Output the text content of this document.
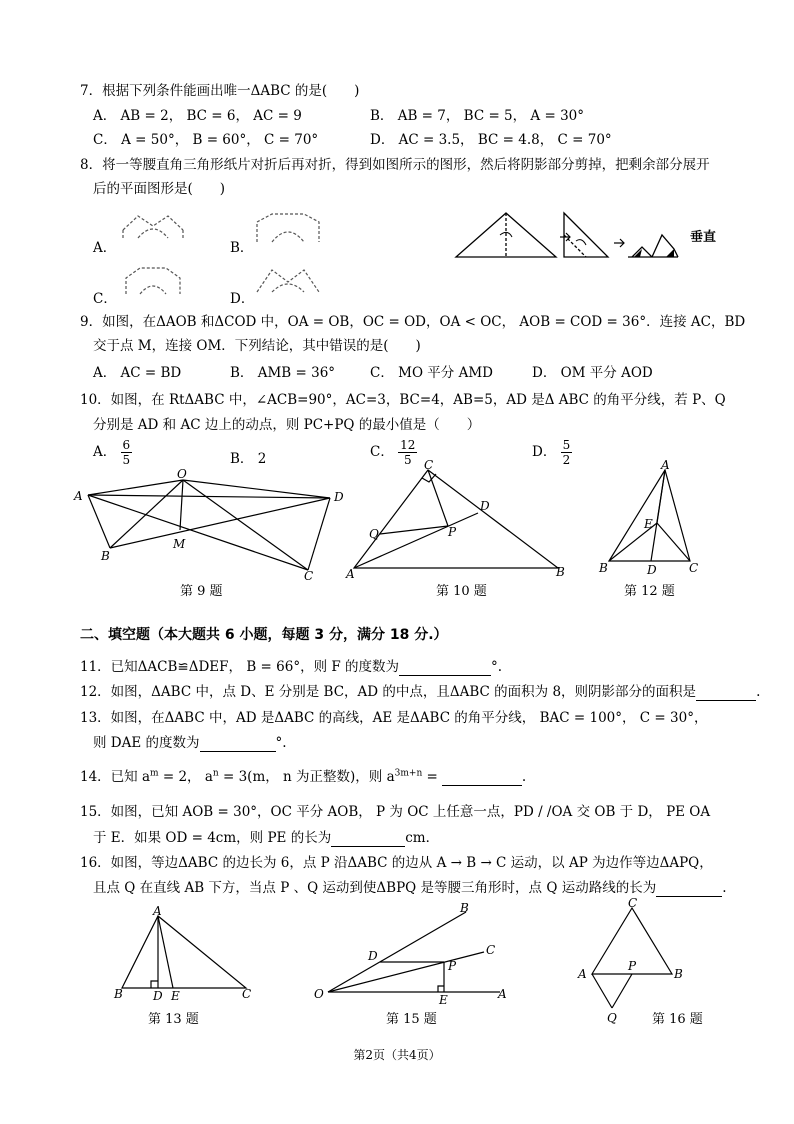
7．根据下列条件能画出唯一ΔABC 的是(　　)
A． AB = 2， BC = 6， AC = 9	B． AB = 7， BC = 5， A = 30°
C． A = 50°， B = 60°， C = 70°	D． AC = 3.5， BC = 4.8， C = 70°
8．将一等腰直角三角形纸片对折后再对折，得到如图所示的图形，然后将阴影部分剪掉，把剩余部分展开
后的平面图形是(　　)
A．	B．
C．	D．
垂直
9．如图，在ΔAOB 和ΔCOD 中，OA = OB，OC = OD，OA < OC， AOB = COD = 36°．连接 AC，BD
交于点 M，连接 OM．下列结论，其中错误的是(　　)
A． AC = BD	B． AMB = 36°	C． MO 平分 AMD	D． OM 平分 AOD
10．如图，在 RtΔABC 中，∠ACB=90°，AC=3，BC=4，AB=5，AD 是Δ ABC 的角平分线，若 P、Q
分别是 AD 和 AC 边上的动点，则 PC+PQ 的最小值是（　　）
A． $\frac{6}{5}$	B． 2	C． $\frac{12}{5}$	D． $\frac{5}{2}$
A
O
D
B
M
C
第 9 题
C
D
Q	P
A	B
第 10 题
A
E
B	D	C
第 12 题
二、填空题（本大题共 6 小题，每题 3 分，满分 18 分.）
11．已知ΔACB≌ΔDEF， B = 66°，则 F 的度数为	°.
12．如图，ΔABC 中，点 D、E 分别是 BC，AD 的中点，且ΔABC 的面积为 8，则阴影部分的面积是	.
13．如图，在ΔABC 中，AD 是ΔABC 的高线，AE 是ΔABC 的角平分线， BAC = 100°， C = 30°，
则 DAE 的度数为	°.
14．已知 $a^m = 2$， $a^n = 3(m$， n 为正整数)，则 $a^{3m+n}$ =	.
15．如图，已知 AOB = 30°，OC 平分 AOB， P 为 OC 上任意一点，PD / /OA 交 OB 于 D， PE OA
于 E．如果 OD = 4cm，则 PE 的长为	cm．
16．如图，等边ΔABC 的边长为 6，点 P 沿ΔABC 的边从 A → B → C 运动，以 AP 为边作等边ΔAPQ，
且点 Q 在直线 AB 下方，当点 P 、Q 运动到使ΔBPQ 是等腰三角形时，点 Q 运动路线的长为	.
A
B	D E	C
第 13 题
B
C
D
P
O	E	A
第 15 题
C
A
P
B
Q	第 16 题
第2页（共4页）
